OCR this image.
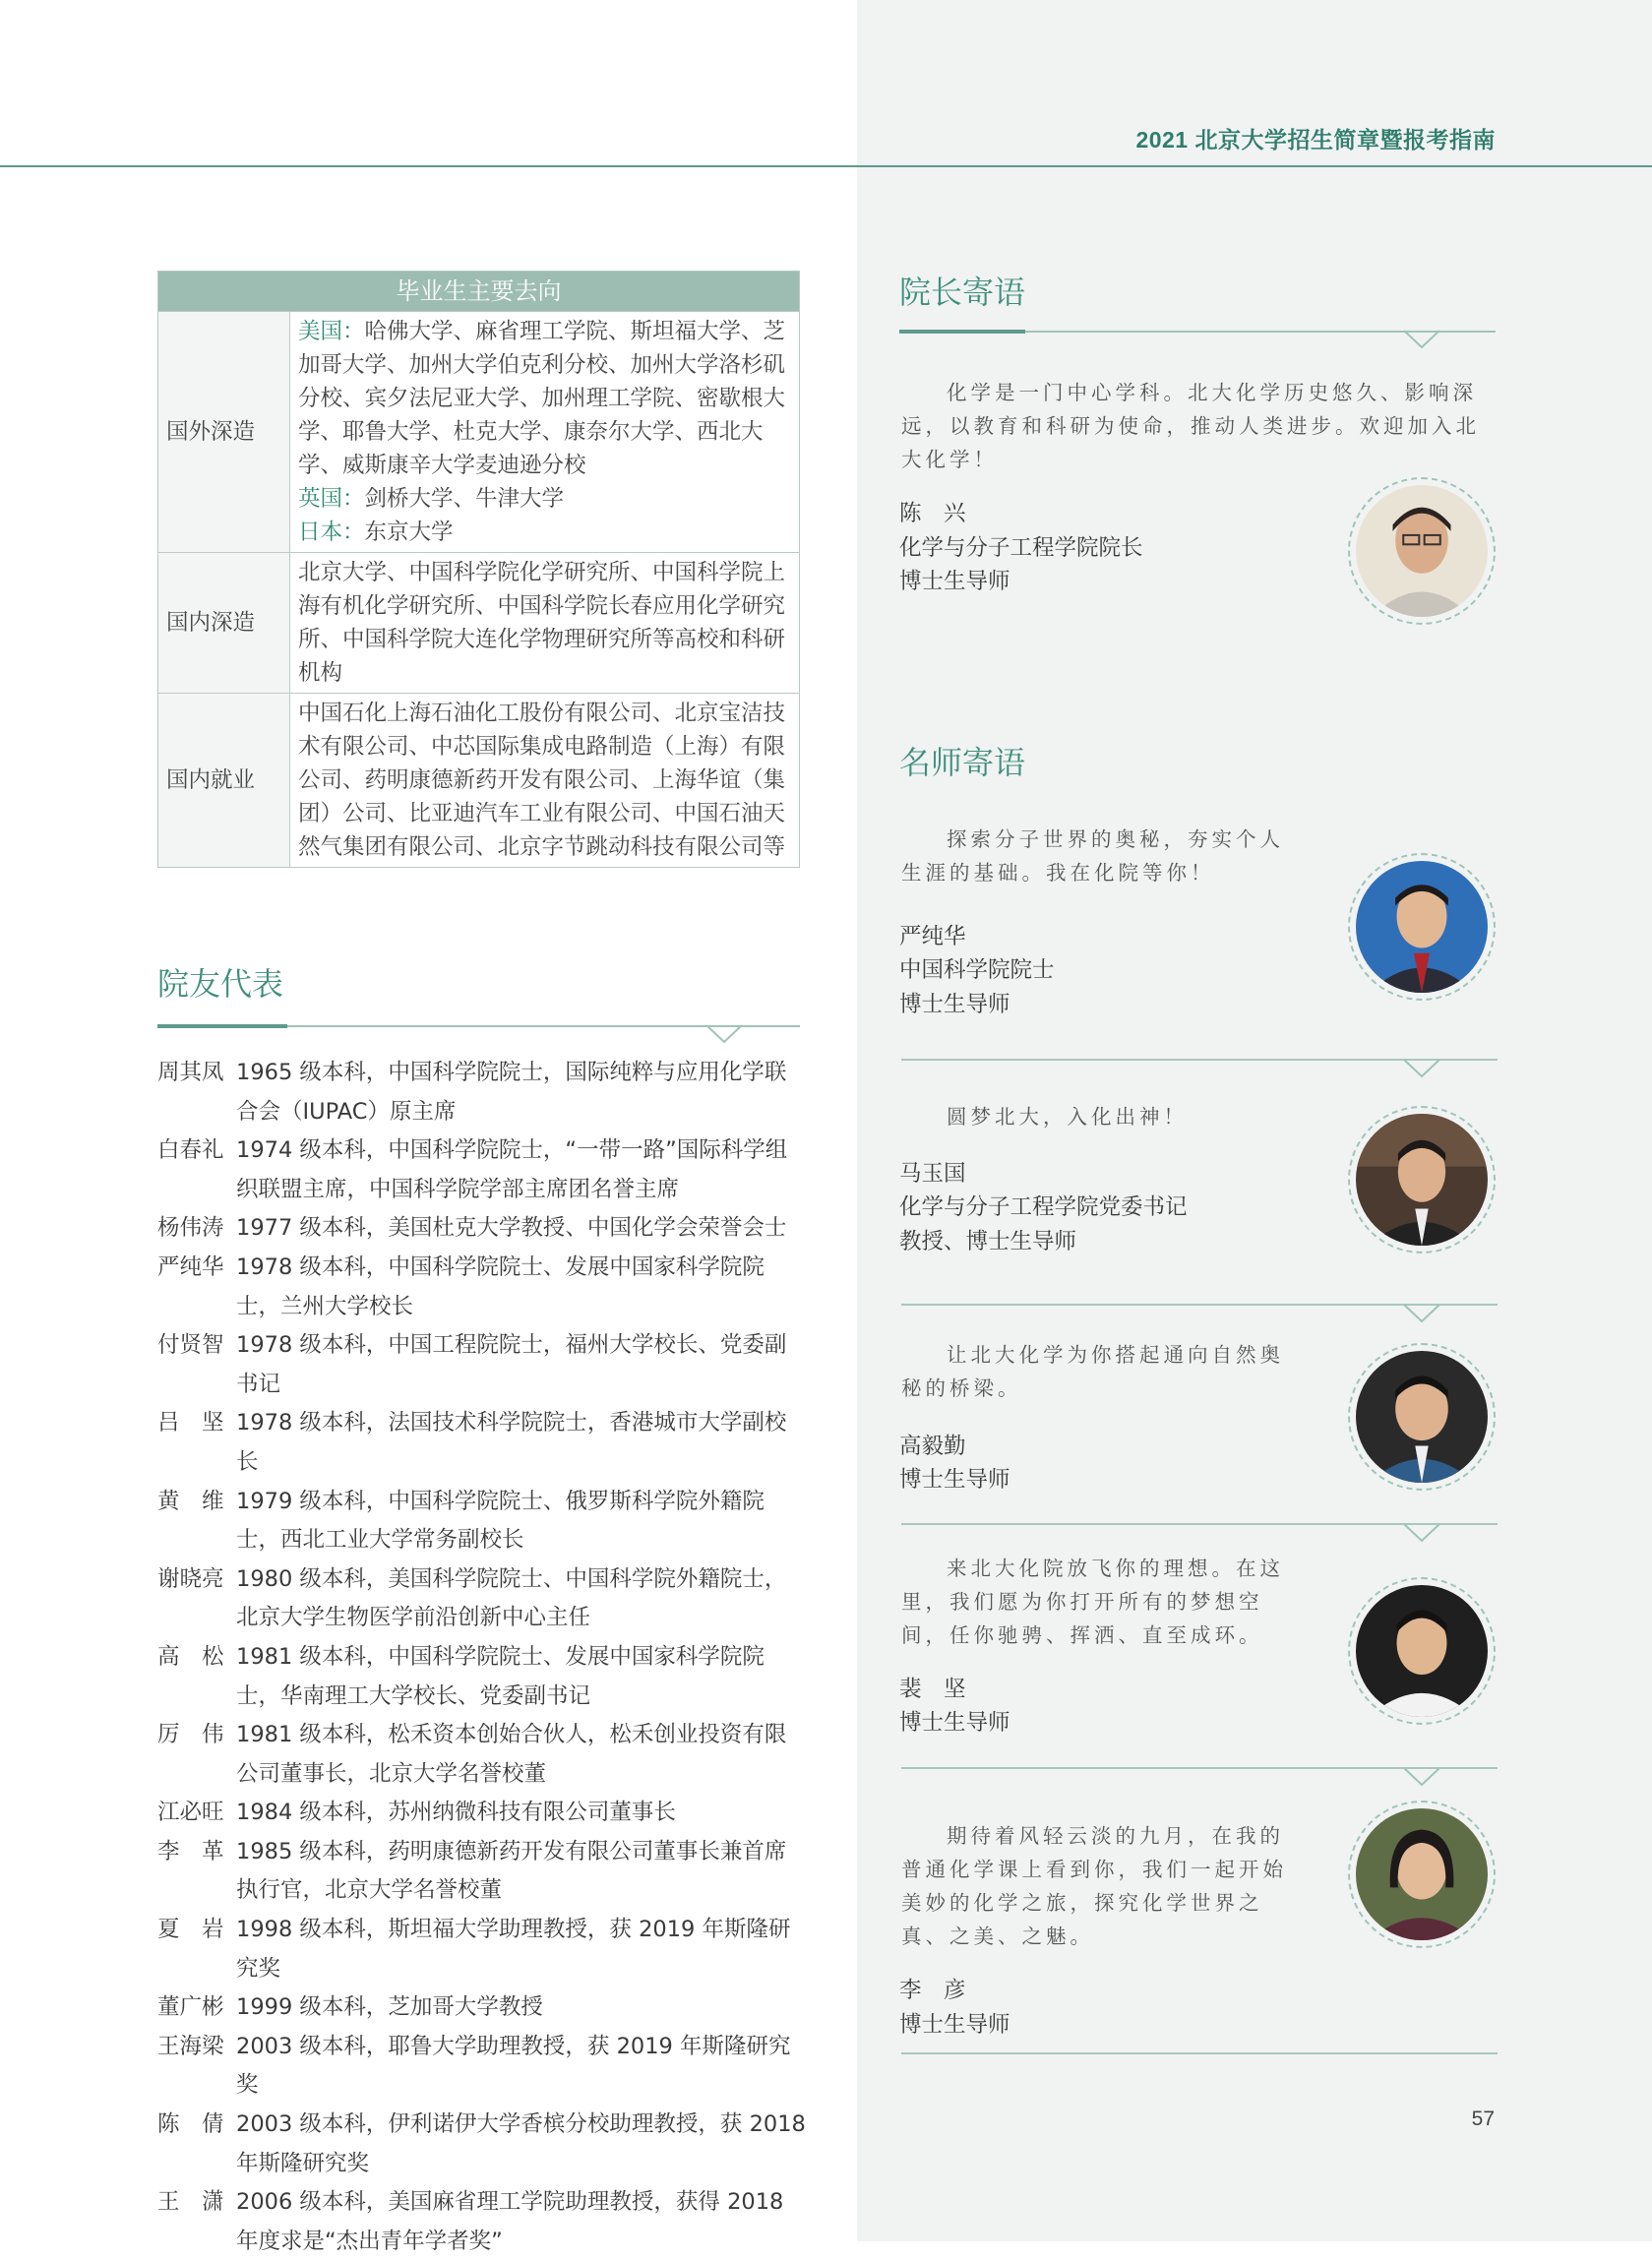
2021 北京大学招生简章暨报考指南
毕业生主要去向	
国外深造	美国：哈佛大学、麻省理工学院、斯坦福大学、芝加哥大学、加州大学伯克利分校、加州大学洛杉矶分校、宾夕法尼亚大学、加州理工学院、密歇根大学、耶鲁大学、杜克大学、康奈尔大学、西北大学、威斯康辛大学麦迪逊分校
英国：剑桥大学、牛津大学
日本：东京大学

国内深造	北京大学、中国科学院化学研究所、中国科学院上海有机化学研究所、中国科学院长春应用化学研究所、中国科学院大连化学物理研究所等高校和科研机构
国内就业	中国石化上海石油化工股份有限公司、北京宝洁技术有限公司、中芯国际集成电路制造（上海）有限公司、药明康德新药开发有限公司、上海华谊（集团）公司、比亚迪汽车工业有限公司、中国石油天然气集团有限公司、北京字节跳动科技有限公司等
院友代表
周其凤 1965 级本科，中国科学院院士，国际纯粹与应用化学联合会（IUPAC）原主席
白春礼 1974 级本科，中国科学院院士，“一带一路”国际科学组织联盟主席，中国科学院学部主席团名誉主席
杨伟涛 1977 级本科，美国杜克大学教授、中国化学会荣誉会士
严纯华 1978 级本科，中国科学院院士、发展中国家科学院院士，兰州大学校长
付贤智 1978 级本科，中国工程院院士，福州大学校长、党委副书记
吕　坚 1978 级本科，法国技术科学院院士，香港城市大学副校长
黄　维 1979 级本科，中国科学院院士、俄罗斯科学院外籍院士，西北工业大学常务副校长
谢晓亮 1980 级本科，美国科学院院士、中国科学院外籍院士，北京大学生物医学前沿创新中心主任
高　松 1981 级本科，中国科学院院士、发展中国家科学院院士，华南理工大学校长、党委副书记
厉　伟 1981 级本科，松禾资本创始合伙人，松禾创业投资有限公司董事长，北京大学名誉校董
江必旺 1984 级本科，苏州纳微科技有限公司董事长
李　革 1985 级本科，药明康德新药开发有限公司董事长兼首席执行官，北京大学名誉校董
夏　岩 1998 级本科，斯坦福大学助理教授，获 2019 年斯隆研究奖
董广彬 1999 级本科，芝加哥大学教授
王海梁 2003 级本科，耶鲁大学助理教授，获 2019 年斯隆研究奖
陈　倩 2003 级本科，伊利诺伊大学香槟分校助理教授，获 2018 年斯隆研究奖
王　潇 2006 级本科，美国麻省理工学院助理教授，获得 2018 年度求是“杰出青年学者奖”
院长寄语
化学是一门中心学科。北大化学历史悠久、影响深远，以教育和科研为使命，推动人类进步。欢迎加入北大化学！
陈　兴
化学与分子工程学院院长
博士生导师
名师寄语
探索分子世界的奥秘，夯实个人生涯的基础。我在化院等你！
严纯华
中国科学院院士
博士生导师
圆梦北大，入化出神！
马玉国
化学与分子工程学院党委书记
教授、博士生导师
让北大化学为你搭起通向自然奥秘的桥梁。
高毅勤
博士生导师
来北大化院放飞你的理想。在这里，我们愿为你打开所有的梦想空间，任你驰骋、挥洒、直至成环。
裴　坚
博士生导师
期待着风轻云淡的九月，在我的普通化学课上看到你，我们一起开始美妙的化学之旅，探究化学世界之真、之美、之魅。
李　彦
博士生导师
57
